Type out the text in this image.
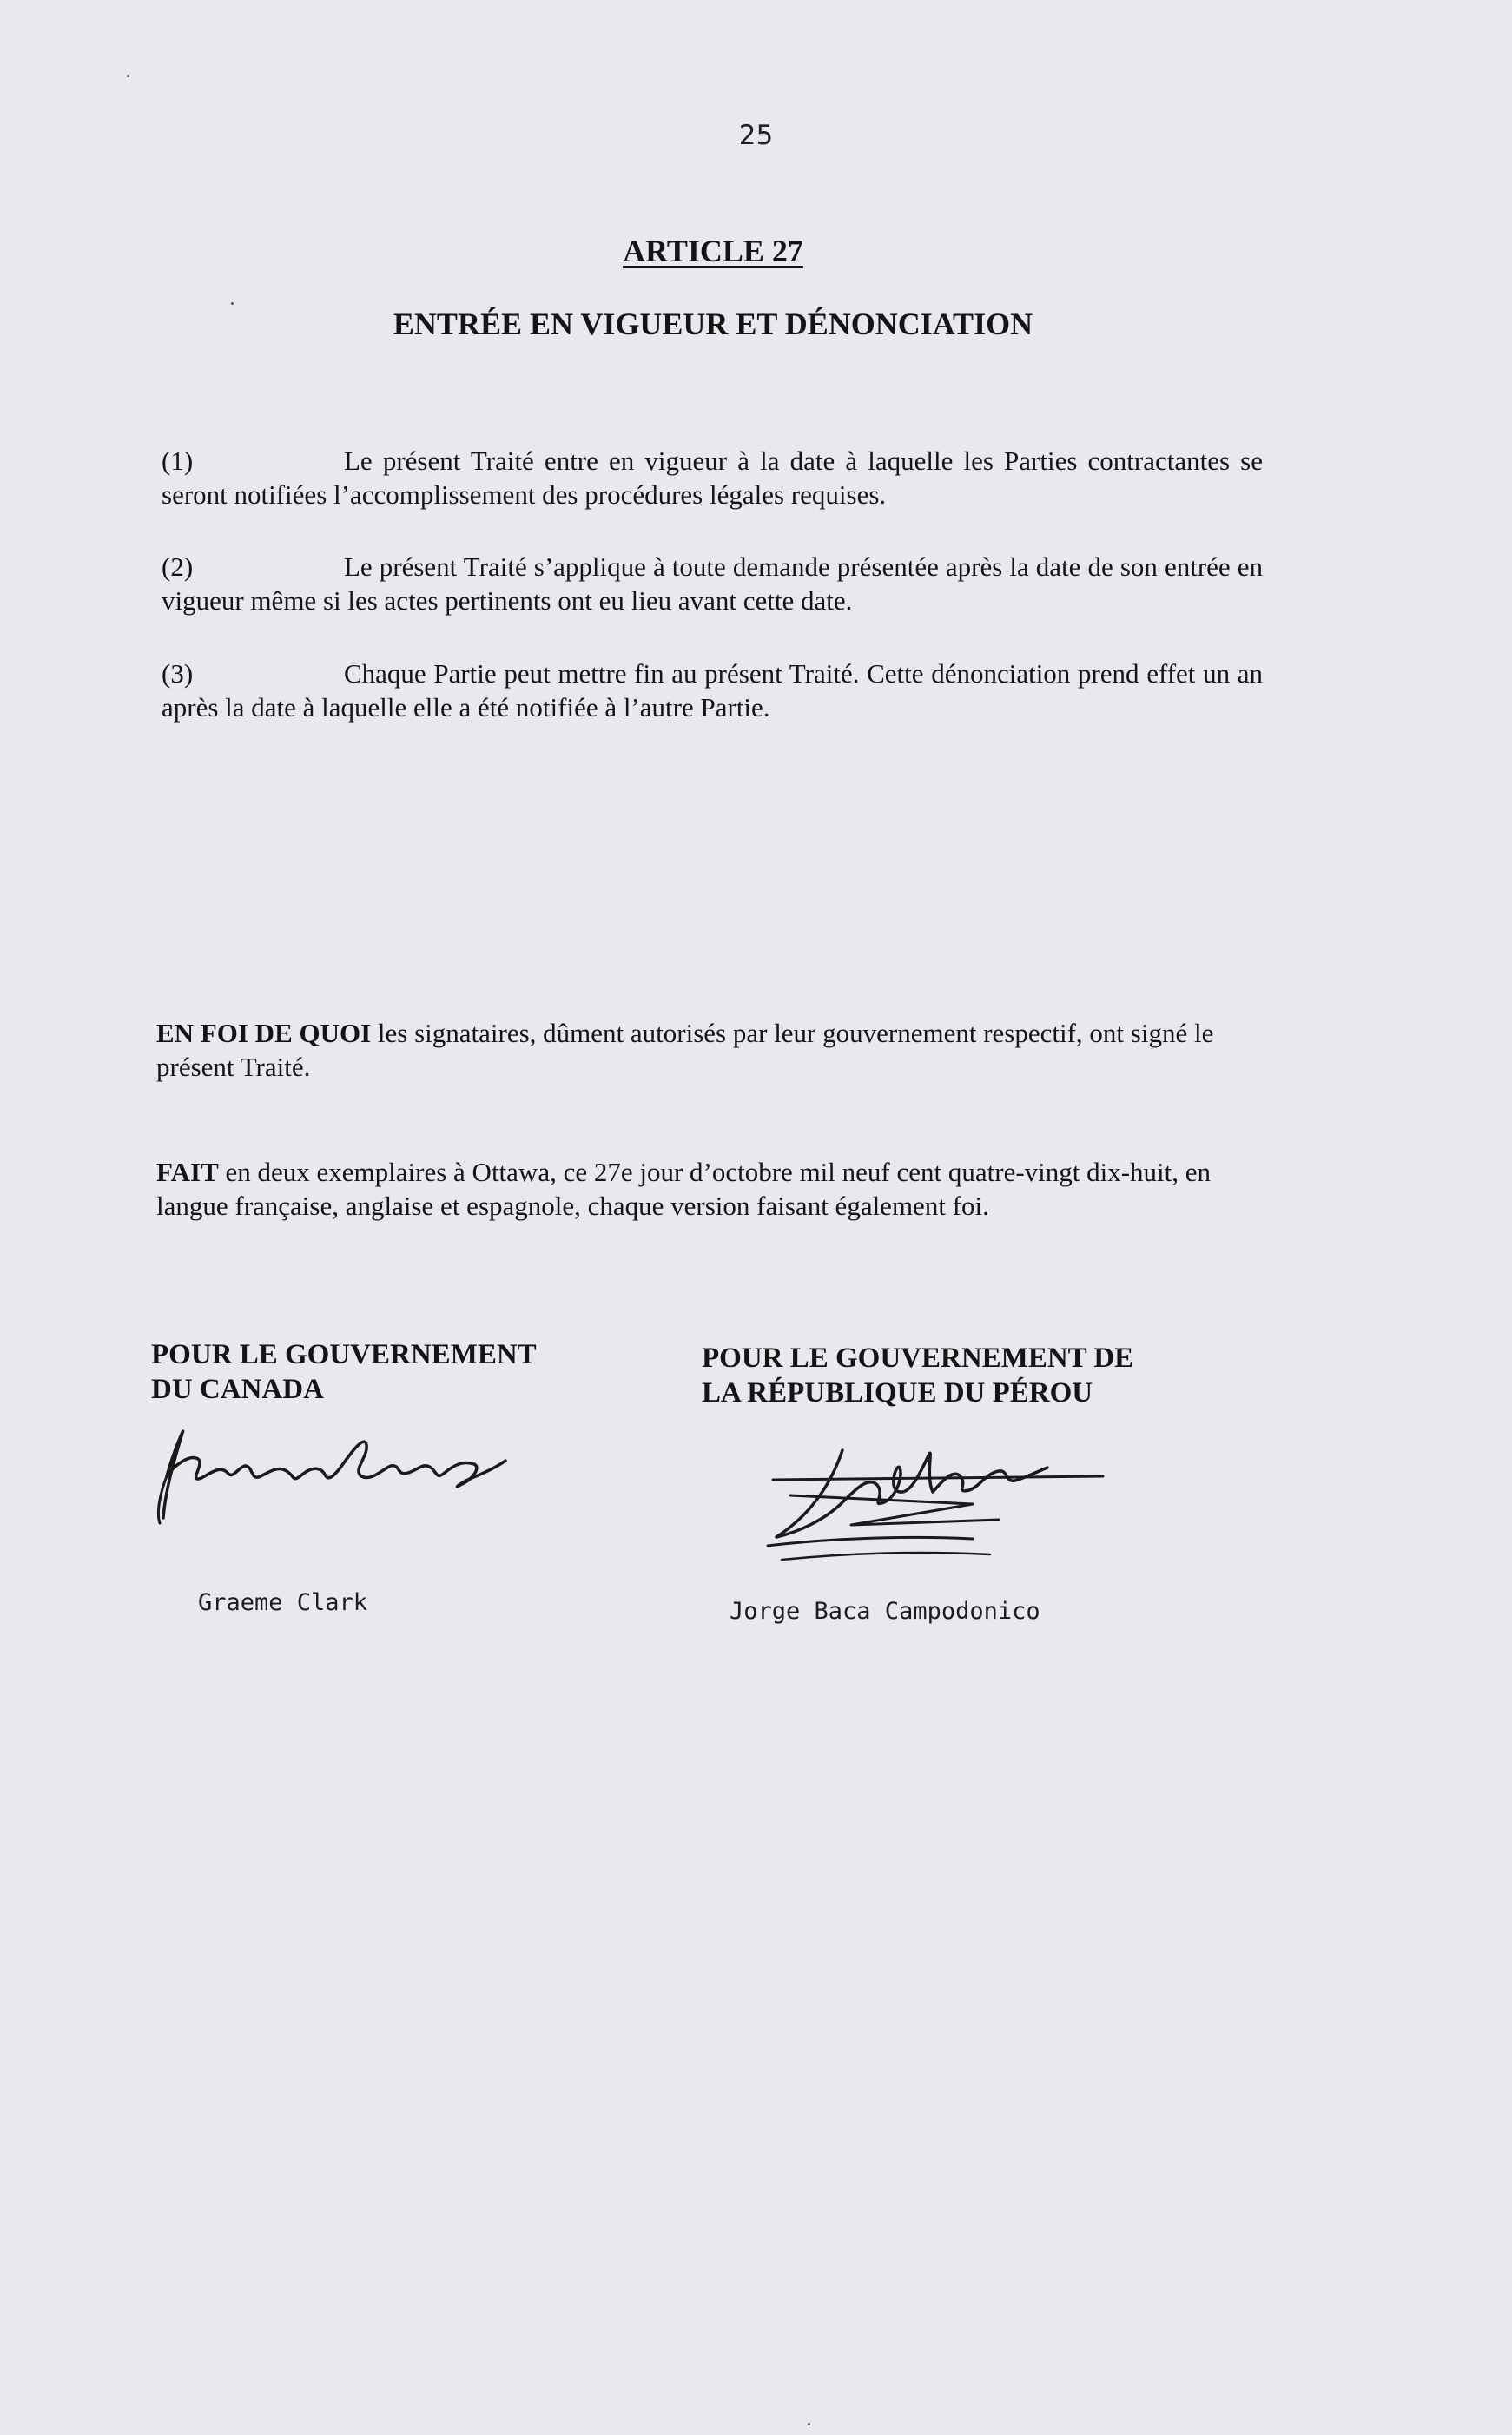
25
ARTICLE 27
ENTRÉE EN VIGUEUR ET DÉNONCIATION
(1)	Le présent Traité entre en vigueur à la date à laquelle les Parties contractantes se seront notifiées l’accomplissement des procédures légales requises.
(2)	Le présent Traité s’applique à toute demande présentée après la date de son entrée en vigueur même si les actes pertinents ont eu lieu avant cette date.
(3)	Chaque Partie peut mettre fin au présent Traité. Cette dénonciation prend effet un an après la date à laquelle elle a été notifiée à l’autre Partie.
EN FOI DE QUOI les signataires, dûment autorisés par leur gouvernement respectif, ont signé le présent Traité.
FAIT en deux exemplaires à Ottawa, ce 27e jour d’octobre mil neuf cent quatre-vingt dix-huit, en langue française, anglaise et espagnole, chaque version faisant également foi.
POUR LE GOUVERNEMENT
DU CANADA
POUR LE GOUVERNEMENT DE
LA RÉPUBLIQUE DU PÉROU
Graeme Clark	Jorge Baca Campodonico
